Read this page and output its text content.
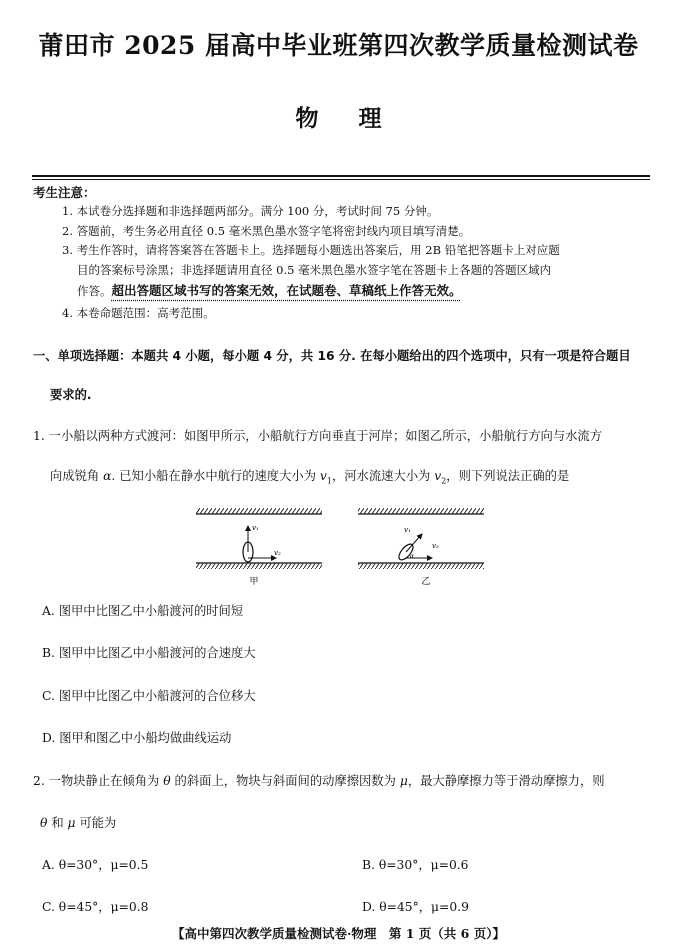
莆田市 2025 届高中毕业班第四次教学质量检测试卷
物理
考生注意：
1. 本试卷分选择题和非选择题两部分。满分 100 分，考试时间 75 分钟。
2. 答题前，考生务必用直径 0.5 毫米黑色墨水签字笔将密封线内项目填写清楚。
3. 考生作答时，请将答案答在答题卡上。选择题每小题选出答案后，用 2B 铅笔把答题卡上对应题
目的答案标号涂黑；非选择题请用直径 0.5 毫米黑色墨水签字笔在答题卡上各题的答题区域内
作答。超出答题区域书写的答案无效，在试题卷、草稿纸上作答无效。
4. 本卷命题范围：高考范围。
一、单项选择题：本题共 4 小题，每小题 4 分，共 16 分. 在每小题给出的四个选项中，只有一项是符合题目
要求的.
1. 一小船以两种方式渡河：如图甲所示，小船航行方向垂直于河岸；如图乙所示，小船航行方向与水流方
向成锐角 α. 已知小船在静水中航行的速度大小为 $v_1$，河水流速大小为 $v_2$，则下列说法正确的是
v₁
v₂
甲
v₁
v₂
α
乙
A. 图甲中比图乙中小船渡河的时间短
B. 图甲中比图乙中小船渡河的合速度大
C. 图甲中比图乙中小船渡河的合位移大
D. 图甲和图乙中小船均做曲线运动
2. 一物块静止在倾角为 θ 的斜面上，物块与斜面间的动摩擦因数为 μ，最大静摩擦力等于滑动摩擦力，则
θ 和 μ 可能为
A. θ=30°，μ=0.5	B. θ=30°，μ=0.6
C. θ=45°，μ=0.8	D. θ=45°，μ=0.9
【高中第四次教学质量检测试卷·物理　第 1 页（共 6 页）】
